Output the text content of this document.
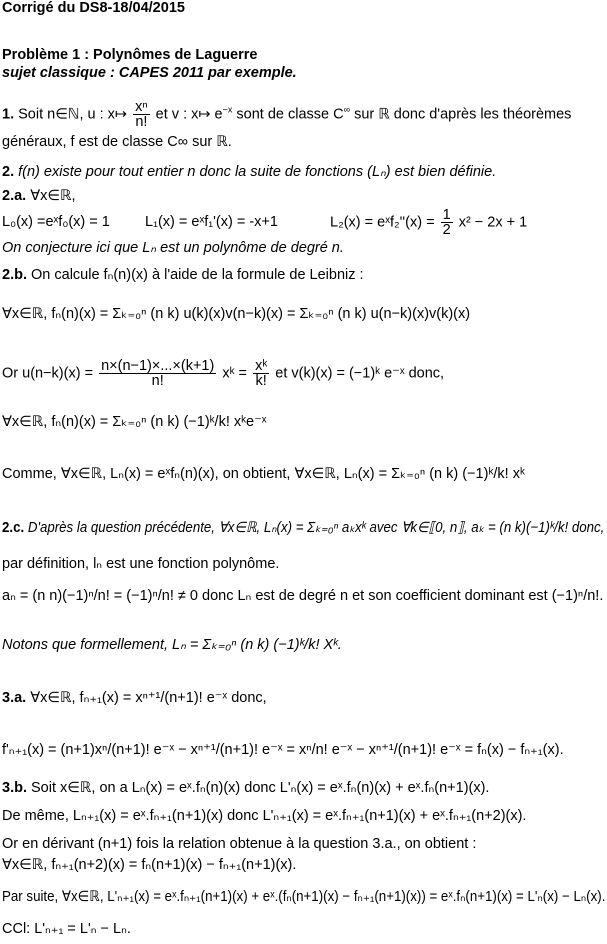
Corrigé du DS8-18/04/2015
Problème 1 : Polynômes de Laguerre
sujet classique : CAPES 2011 par exemple.
1. Soit n∈ℕ, u : x↦ $\frac{\text{xⁿ}}{n!}$ et v : x↦ $e^{-x}$ sont de classe C∞ sur ℝ donc d'après les théorèmes
généraux, f est de classe C∞ sur ℝ.
2. f(n) existe pour tout entier n donc la suite de fonctions (Lₙ) est bien définie.
2.a. ∀x∈ℝ,
L₀(x) =eˣf₀(x) = 1 L₁(x) = eˣf₁'(x) = -x+1	L₂(x) = eˣf₂''(x) = $\frac{1}{2} x^2 - 2x + 1$
On conjecture ici que Lₙ est un polynôme de degré n.
2.b. On calcule fₙ(n)(x) à l'aide de la formule de Leibniz :
∀x∈ℝ, fₙ(n)(x) = Σₖ₌₀ⁿ (n k) u(k)(x)v(n−k)(x) = Σₖ₌₀ⁿ (n k) u(n−k)(x)v(k)(x)
Or $u(n-k)(x) = \frac{n\times(n-1)\times...\times(k+1)}{n!}$ xᵏ = $\frac{\text{xᵏ}}{k!}$ et v(k)(x) = (−1)ᵏ e⁻ˣ donc,
∀x∈ℝ, fₙ(n)(x) = Σₖ₌₀ⁿ (n k) (−1)ᵏ/k! xᵏe⁻ˣ
Comme, ∀x∈ℝ, Lₙ(x) = eˣfₙ(n)(x), on obtient, ∀x∈ℝ, Lₙ(x) = Σₖ₌₀ⁿ (n k) (−1)ᵏ/k! xᵏ
2.c. D'après la question précédente, ∀x∈ℝ, Lₙ(x) = Σₖ₌₀ⁿ aₖxᵏ avec ∀k∈⟦0, n⟧, aₖ = (n k)(−1)ᵏ/k! donc,
par définition, lₙ est une fonction polynôme.
aₙ = (n n)(−1)ⁿ/n! = (−1)ⁿ/n! ≠ 0 donc Lₙ est de degré n et son coefficient dominant est (−1)ⁿ/n!.
Notons que formellement, Lₙ = Σₖ₌₀ⁿ (n k) (−1)ᵏ/k! Xᵏ.
3.a. ∀x∈ℝ, fₙ₊₁(x) = xⁿ⁺¹/(n+1)! e⁻ˣ donc,
f'ₙ₊₁(x) = (n+1)xⁿ/(n+1)! e⁻ˣ − xⁿ⁺¹/(n+1)! e⁻ˣ = xⁿ/n! e⁻ˣ − xⁿ⁺¹/(n+1)! e⁻ˣ = fₙ(x) − fₙ₊₁(x).
3.b. Soit x∈ℝ, on a Lₙ(x) = eˣ.fₙ(n)(x) donc L'ₙ(x) = eˣ.fₙ(n)(x) + eˣ.fₙ(n+1)(x).
De même, Lₙ₊₁(x) = eˣ.fₙ₊₁(n+1)(x) donc L'ₙ₊₁(x) = eˣ.fₙ₊₁(n+1)(x) + eˣ.fₙ₊₁(n+2)(x).
Or en dérivant (n+1) fois la relation obtenue à la question 3.a., on obtient :
∀x∈ℝ, fₙ₊₁(n+2)(x) = fₙ(n+1)(x) − fₙ₊₁(n+1)(x).
Par suite, ∀x∈ℝ, L'ₙ₊₁(x) = eˣ.fₙ₊₁(n+1)(x) + eˣ.(fₙ(n+1)(x) − fₙ₊₁(n+1)(x)) = eˣ.fₙ(n+1)(x) = L'ₙ(x) − Lₙ(x).
CCl: L'ₙ₊₁ = L'ₙ − Lₙ.
